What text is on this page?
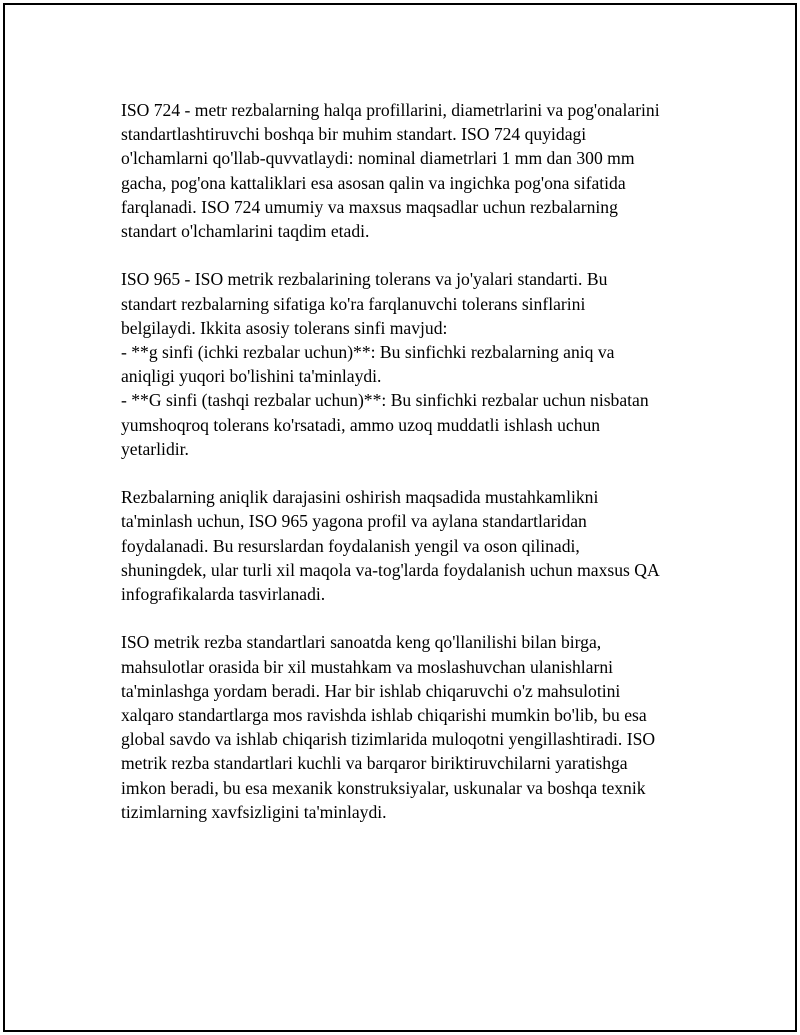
ISO 724 - metr rezbalarning halqa profillarini, diametrlarini va pog'onalarini
standartlashtiruvchi boshqa bir muhim standart. ISO 724 quyidagi
o'lchamlarni qo'llab-quvvatlaydi: nominal diametrlari 1 mm dan 300 mm
gacha, pog'ona kattaliklari esa asosan qalin va ingichka pog'ona sifatida
farqlanadi. ISO 724 umumiy va maxsus maqsadlar uchun rezbalarning
standart o'lchamlarini taqdim etadi.

ISO 965 - ISO metrik rezbalarining tolerans va jo'yalari standarti. Bu
standart rezbalarning sifatiga ko'ra farqlanuvchi tolerans sinflarini
belgilaydi. Ikkita asosiy tolerans sinfi mavjud:
- **g sinfi (ichki rezbalar uchun)**: Bu sinfichki rezbalarning aniq va
aniqligi yuqori bo'lishini ta'minlaydi.
- **G sinfi (tashqi rezbalar uchun)**: Bu sinfichki rezbalar uchun nisbatan
yumshoqroq tolerans ko'rsatadi, ammo uzoq muddatli ishlash uchun
yetarlidir.

Rezbalarning aniqlik darajasini oshirish maqsadida mustahkamlikni
ta'minlash uchun, ISO 965 yagona profil va aylana standartlaridan
foydalanadi. Bu resurslardan foydalanish yengil va oson qilinadi,
shuningdek, ular turli xil maqola va-tog'larda foydalanish uchun maxsus QA
infografikalarda tasvirlanadi.

ISO metrik rezba standartlari sanoatda keng qo'llanilishi bilan birga,
mahsulotlar orasida bir xil mustahkam va moslashuvchan ulanishlarni
ta'minlashga yordam beradi. Har bir ishlab chiqaruvchi o'z mahsulotini
xalqaro standartlarga mos ravishda ishlab chiqarishi mumkin bo'lib, bu esa
global savdo va ishlab chiqarish tizimlarida muloqotni yengillashtiradi. ISO
metrik rezba standartlari kuchli va barqaror biriktiruvchilarni yaratishga
imkon beradi, bu esa mexanik konstruksiyalar, uskunalar va boshqa texnik
tizimlarning xavfsizligini ta'minlaydi.
